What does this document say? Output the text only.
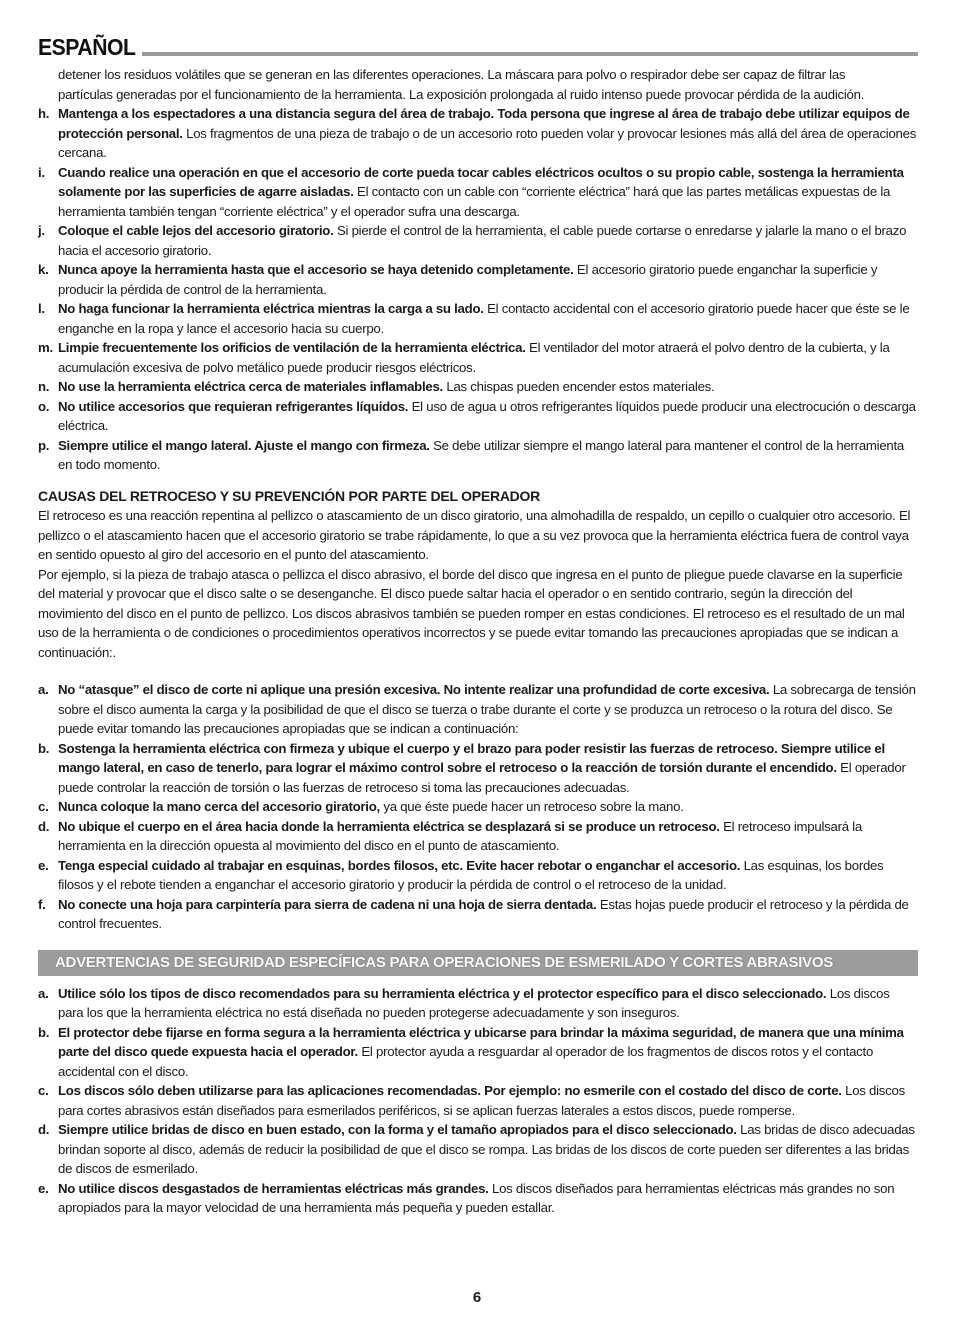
ESPAÑOL

detener los residuos volátiles que se generan en las diferentes operaciones. La máscara para polvo o respirador debe ser capaz de filtrar las

partículas generadas por el funcionamiento de la herramienta. La exposición prolongada al ruido intenso puede provocar pérdida de la audición.

h. Mantenga a los espectadores a una distancia segura del área de trabajo. Toda persona que ingrese al área de trabajo debe utilizar equipos de protección personal. Los fragmentos de una pieza de trabajo o de un accesorio roto pueden volar y provocar lesiones más allá del área de operaciones cercana.

i. Cuando realice una operación en que el accesorio de corte pueda tocar cables eléctricos ocultos o su propio cable, sostenga la herramienta solamente por las superficies de agarre aisladas. El contacto con un cable con “corriente eléctrica” hará que las partes metálicas expuestas de la herramienta también tengan “corriente eléctrica” y el operador sufra una descarga.

j. Coloque el cable lejos del accesorio giratorio. Si pierde el control de la herramienta, el cable puede cortarse o enredarse y jalarle la mano o el brazo hacia el accesorio giratorio.

k. Nunca apoye la herramienta hasta que el accesorio se haya detenido completamente. El accesorio giratorio puede enganchar la superficie y producir la pérdida de control de la herramienta.

l. No haga funcionar la herramienta eléctrica mientras la carga a su lado. El contacto accidental con el accesorio giratorio puede hacer que éste se le enganche en la ropa y lance el accesorio hacia su cuerpo.

m. Limpie frecuentemente los orificios de ventilación de la herramienta eléctrica. El ventilador del motor atraerá el polvo dentro de la cubierta, y la acumulación excesiva de polvo metálico puede producir riesgos eléctricos.

n. No use la herramienta eléctrica cerca de materiales inflamables. Las chispas pueden encender estos materiales.

o. No utilice accesorios que requieran refrigerantes líquidos. El uso de agua u otros refrigerantes líquidos puede producir una electrocución o descarga eléctrica.

p. Siempre utilice el mango lateral. Ajuste el mango con firmeza. Se debe utilizar siempre el mango lateral para mantener el control de la herramienta en todo momento.

CAUSAS DEL RETROCESO Y SU PREVENCIÓN POR PARTE DEL OPERADOR

El retroceso es una reacción repentina al pellizco o atascamiento de un disco giratorio, una almohadilla de respaldo, un cepillo o cualquier otro accesorio. El pellizco o el atascamiento hacen que el accesorio giratorio se trabe rápidamente, lo que a su vez provoca que la herramienta eléctrica fuera de control vaya en sentido opuesto al giro del accesorio en el punto del atascamiento.

Por ejemplo, si la pieza de trabajo atasca o pellizca el disco abrasivo, el borde del disco que ingresa en el punto de pliegue puede clavarse en la superficie del material y provocar que el disco salte o se desenganche. El disco puede saltar hacia el operador o en sentido contrario, según la dirección del movimiento del disco en el punto de pellizco. Los discos abrasivos también se pueden romper en estas condiciones. El retroceso es el resultado de un mal uso de la herramienta o de condiciones o procedimientos operativos incorrectos y se puede evitar tomando las precauciones apropiadas que se indican a continuación:.

a. No “atasque” el disco de corte ni aplique una presión excesiva. No intente realizar una profundidad de corte excesiva. La sobrecarga de tensión sobre el disco aumenta la carga y la posibilidad de que el disco se tuerza o trabe durante el corte y se produzca un retroceso o la rotura del disco. Se puede evitar tomando las precauciones apropiadas que se indican a continuación:

b. Sostenga la herramienta eléctrica con firmeza y ubique el cuerpo y el brazo para poder resistir las fuerzas de retroceso. Siempre utilice el mango lateral, en caso de tenerlo, para lograr el máximo control sobre el retroceso o la reacción de torsión durante el encendido. El operador puede controlar la reacción de torsión o las fuerzas de retroceso si toma las precauciones adecuadas.

c. Nunca coloque la mano cerca del accesorio giratorio, ya que éste puede hacer un retroceso sobre la mano.

d. No ubique el cuerpo en el área hacia donde la herramienta eléctrica se desplazará si se produce un retroceso. El retroceso impulsará la herramienta en la dirección opuesta al movimiento del disco en el punto de atascamiento.

e. Tenga especial cuidado al trabajar en esquinas, bordes filosos, etc. Evite hacer rebotar o enganchar el accesorio. Las esquinas, los bordes filosos y el rebote tienden a enganchar el accesorio giratorio y producir la pérdida de control o el retroceso de la unidad.

f. No conecte una hoja para carpintería para sierra de cadena ni una hoja de sierra dentada. Estas hojas puede producir el retroceso y la pérdida de control frecuentes.

ADVERTENCIAS DE SEGURIDAD ESPECÍFICAS PARA OPERACIONES DE ESMERILADO Y CORTES ABRASIVOS

a. Utilice sólo los tipos de disco recomendados para su herramienta eléctrica y el protector específico para el disco seleccionado. Los discos para los que la herramienta eléctrica no está diseñada no pueden protegerse adecuadamente y son inseguros.

b. El protector debe fijarse en forma segura a la herramienta eléctrica y ubicarse para brindar la máxima seguridad, de manera que una mínima parte del disco quede expuesta hacia el operador. El protector ayuda a resguardar al operador de los fragmentos de discos rotos y el contacto accidental con el disco.

c. Los discos sólo deben utilizarse para las aplicaciones recomendadas. Por ejemplo: no esmerile con el costado del disco de corte. Los discos para cortes abrasivos están diseñados para esmerilados periféricos, si se aplican fuerzas laterales a estos discos, puede romperse.

d. Siempre utilice bridas de disco en buen estado, con la forma y el tamaño apropiados para el disco seleccionado. Las bridas de disco adecuadas brindan soporte al disco, además de reducir la posibilidad de que el disco se rompa. Las bridas de los discos de corte pueden ser diferentes a las bridas de discos de esmerilado.

e. No utilice discos desgastados de herramientas eléctricas más grandes. Los discos diseñados para herramientas eléctricas más grandes no son apropiados para la mayor velocidad de una herramienta más pequeña y pueden estallar.

6
